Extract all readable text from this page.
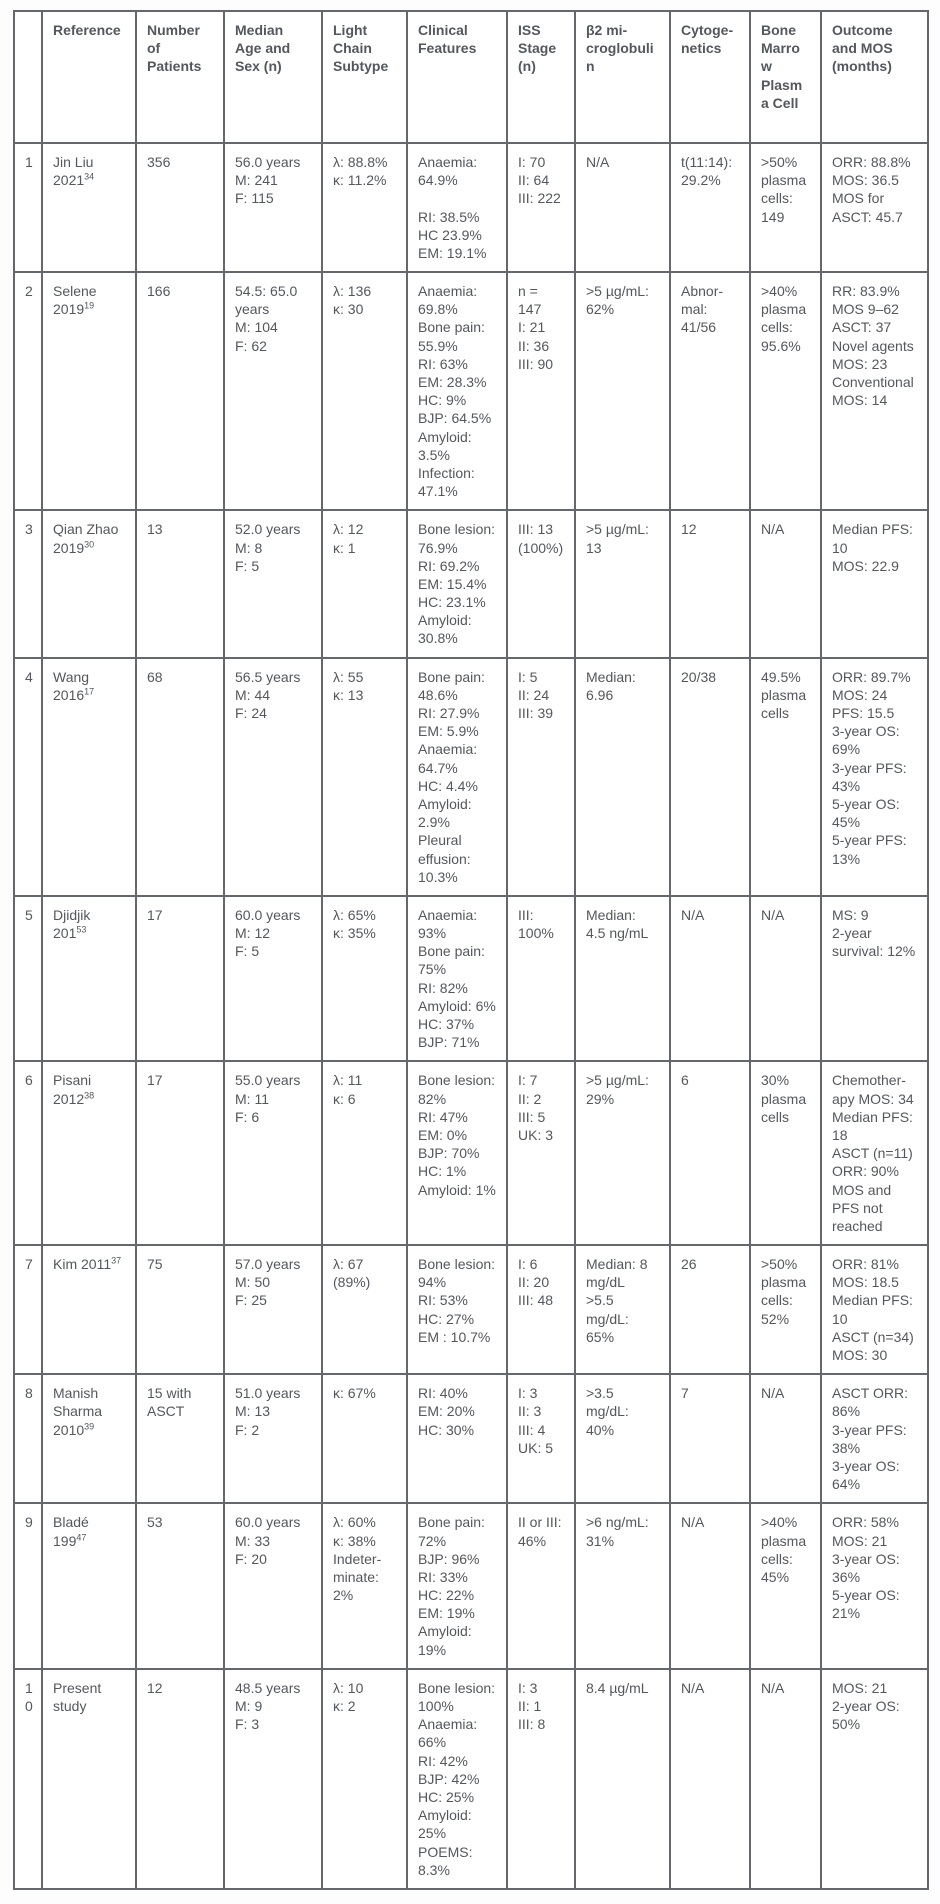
	Reference	Number of Patients	Median Age and Sex (n)	Light Chain Subtype	Clinical Features	ISS Stage (n)	β2 mi-
croglobulin	Cytoge-
netics	Bone Marrow Plasma Cell	Outcome and MOS (months)
1	Jin Liu 2021$^{34}$	356	56.0 years
M: 241
F: 115	λ: 88.8%
κ: 11.2%	Anaemia: 64.9%

RI: 38.5%
HC 23.9%
EM: 19.1%	I: 70
II: 64
III: 222	N/A	t(11:14): 29.2%	>50% plasma cells: 149	ORR: 88.8%
MOS: 36.5
MOS for ASCT: 45.7
2	Selene 2019$^{19}$	166	54.5: 65.0 years
M: 104
F: 62	λ: 136
κ: 30	Anaemia: 69.8%
Bone pain: 55.9%
RI: 63%
EM: 28.3%
HC: 9%
BJP: 64.5%
Amyloid: 3.5%
Infection: 47.1%	n = 147
I: 21
II: 36
III: 90	>5 µg/mL: 62%	Abnor-
mal:
41/56	>40% plasma cells: 95.6%	RR: 83.9%
MOS 9–62
ASCT: 37
Novel agents MOS: 23
Conventional MOS: 14
3	Qian Zhao 2019$^{30}$	13	52.0 years
M: 8
F: 5	λ: 12
κ: 1	Bone lesion: 76.9%
RI: 69.2%
EM: 15.4%
HC: 23.1%
Amyloid: 30.8%	III: 13 (100%)	>5 µg/mL: 13	12	N/A	Median PFS: 10
MOS: 22.9
4	Wang 2016$^{17}$	68	56.5 years
M: 44
F: 24	λ: 55
κ: 13	Bone pain: 48.6%
RI: 27.9%
EM: 5.9%
Anaemia: 64.7%
HC: 4.4%
Amyloid: 2.9%
Pleural effusion: 10.3%	I: 5
II: 24
III: 39	Median: 6.96	20/38	49.5% plasma cells	ORR: 89.7%
MOS: 24
PFS: 15.5
3-year OS: 69%
3-year PFS: 43%
5-year OS: 45%
5-year PFS: 13%
5	Djidjik 201$^{53}$	17	60.0 years
M: 12
F: 5	λ: 65%
κ: 35%	Anaemia: 93%
Bone pain: 75%
RI: 82%
Amyloid: 6%
HC: 37%
BJP: 71%	III: 100%	Median: 4.5 ng/mL	N/A	N/A	MS: 9
2-year survival: 12%
6	Pisani 2012$^{38}$	17	55.0 years
M: 11
F: 6	λ: 11
κ: 6	Bone lesion: 82%
RI: 47%
EM: 0%
BJP: 70%
HC: 1%
Amyloid: 1%	I: 7
II: 2
III: 5
UK: 3	>5 µg/mL: 29%	6	30% plasma cells	Chemother-
apy MOS: 34
Median PFS: 18
ASCT (n=11)
ORR: 90%
MOS and PFS not reached
7	Kim 2011$^{37}$	75	57.0 years
M: 50
F: 25	λ: 67 (89%)	Bone lesion: 94%
RI: 53%
HC: 27%
EM : 10.7%	I: 6
II: 20
III: 48	Median: 8 mg/dL
>5.5 mg/dL: 65%	26	>50% plasma cells: 52%	ORR: 81%
MOS: 18.5
Median PFS: 10
ASCT (n=34)
MOS: 30
8	Manish Sharma 2010$^{39}$	15 with ASCT	51.0 years
M: 13
F: 2	κ: 67%	RI: 40%
EM: 20%
HC: 30%	I: 3
II: 3
III: 4
UK: 5	>3.5 mg/dL: 40%	7	N/A	ASCT ORR: 86%
3-year PFS: 38%
3-year OS: 64%
9	Bladé 199$^{47}$	53	60.0 years
M: 33
F: 20	λ: 60%
κ: 38%
Indeter-
minate:
2%	Bone pain: 72%
BJP: 96%
RI: 33%
HC: 22%
EM: 19%
Amyloid: 19%	II or III: 46%	>6 ng/mL: 31%	N/A	>40% plasma cells: 45%	ORR: 58%
MOS: 21
3-year OS: 36%
5-year OS: 21%
10	Present study	12	48.5 years
M: 9
F: 3	λ: 10
κ: 2	Bone lesion: 100%
Anaemia: 66%
RI: 42%
BJP: 42%
HC: 25%
Amyloid: 25%
POEMS: 8.3%	I: 3
II: 1
III: 8	8.4 µg/mL	N/A	N/A	MOS: 21
2-year OS: 50%
